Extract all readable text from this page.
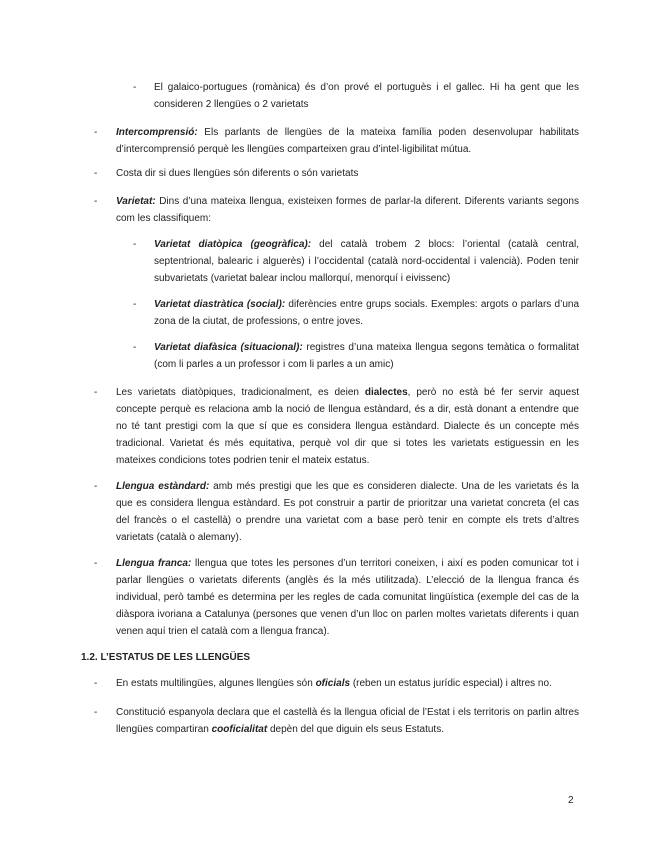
-	El galaico-portugues (romànica) és d’on prové el portuguès i el gallec. Hi ha gent que les consideren 2 llengües o 2 varietats

-	Intercomprensió: Els parlants de llengües de la mateixa família poden desenvolupar habilitats d’intercomprensió perquè les llengües comparteixen grau d’intel·ligibilitat mútua.

-	Costa dir si dues llengües són diferents o són varietats

-	Varietat: Dins d’una mateixa llengua, existeixen formes de parlar-la diferent. Diferents variants segons com les classifiquem:

-	Varietat diatòpica (geogràfica): del català trobem 2 blocs: l’oriental (català central, septentrional, balearic i alguerès) i l’occidental (català nord-occidental i valencià). Poden tenir subvarietats (varietat balear inclou mallorquí, menorquí i eivissenc)

-	Varietat diastràtica (social): diferències entre grups socials. Exemples: argots o parlars d’una zona de la ciutat, de professions, o entre joves.

-	Varietat diafàsica (situacional): registres d’una mateixa llengua segons temàtica o formalitat (com li parles a un professor i com li parles a un amic)

-	Les varietats diatòpiques, tradicionalment, es deien dialectes, però no està bé fer servir aquest concepte perquè es relaciona amb la noció de llengua estàndard, és a dir, està donant a entendre que no té tant prestigi com la que sí que es considera llengua estàndard. Dialecte és un concepte més tradicional. Varietat és més equitativa, perquè vol dir que si totes les varietats estiguessin en les mateixes condicions totes podrien tenir el mateix estatus.

-	Llengua estàndard: amb més prestigi que les que es consideren dialecte. Una de les varietats és la que es considera llengua estàndard. Es pot construir a partir de prioritzar una varietat concreta (el cas del francès o el castellà) o prendre una varietat com a base però tenir en compte els trets d’altres varietats (català o alemany).

-	Llengua franca: llengua que totes les persones d’un territori coneixen, i així es poden comunicar tot i parlar llengües o varietats diferents (anglès és la més utilitzada). L’elecció de la llengua franca és individual, però també es determina per les regles de cada comunitat lingüística (exemple del cas de la diàspora ivoriana a Catalunya (persones que venen d’un lloc on parlen moltes varietats diferents i quan venen aquí trien el català com a llengua franca).

1.2. L’ESTATUS DE LES LLENGÜES
-	En estats multilingües, algunes llengües són oficials (reben un estatus jurídic especial) i altres no.

-	Constitució espanyola declara que el castellà és la llengua oficial de l’Estat i els territoris on parlin altres llengües compartiran cooficialitat depèn del que diguin els seus Estatuts.

2
